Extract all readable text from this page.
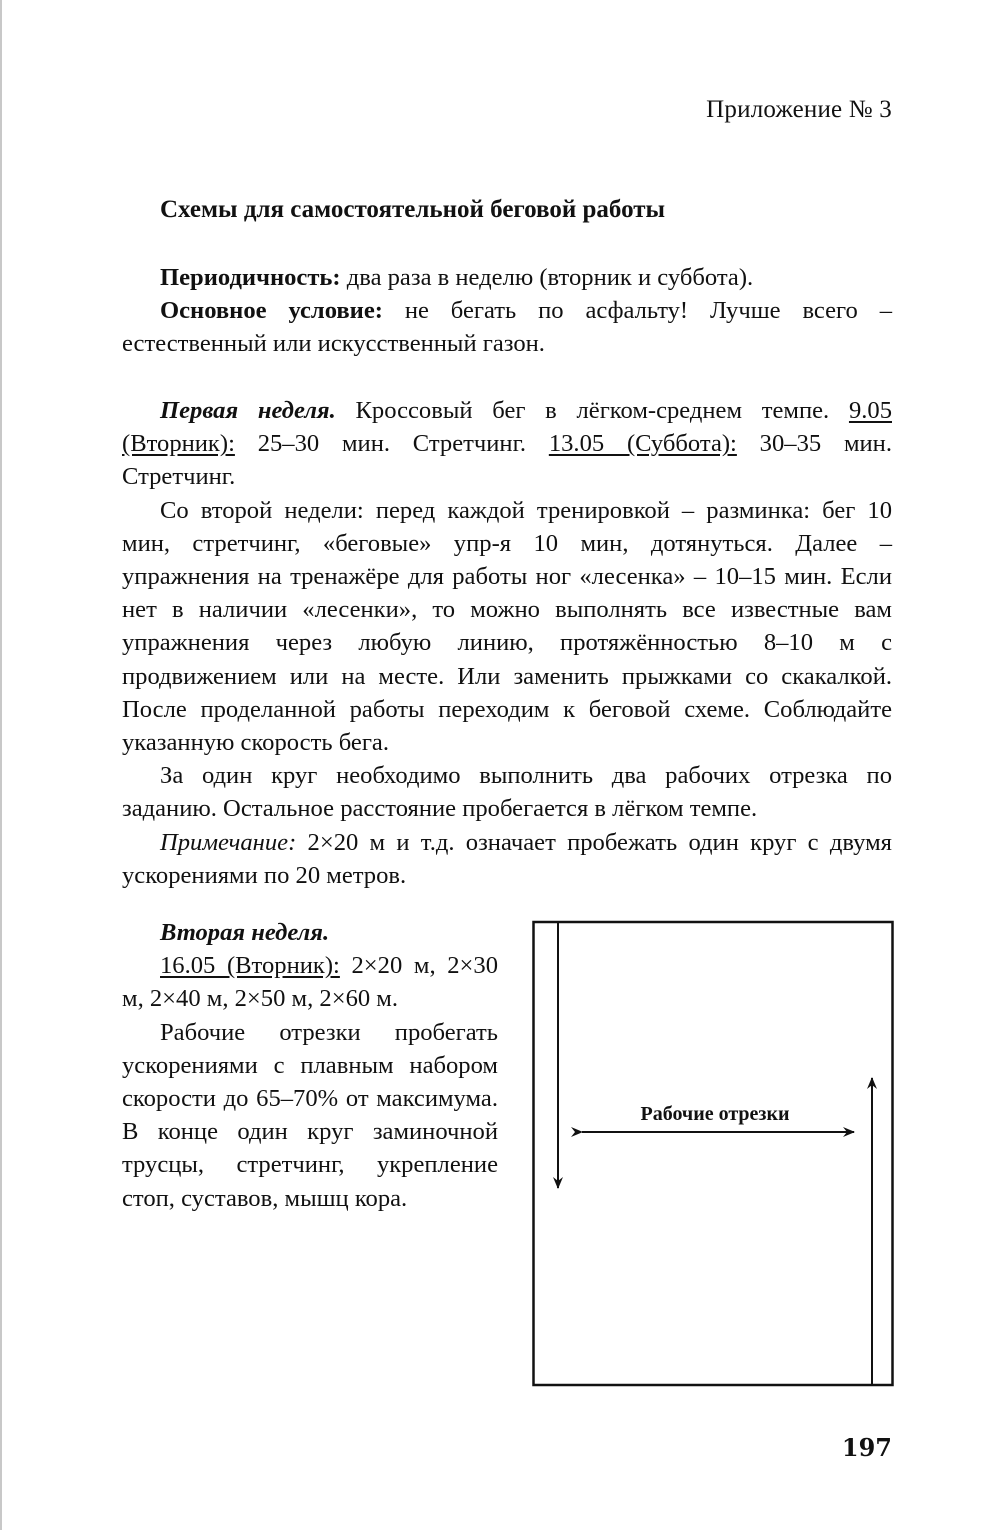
Приложение № 3
Схемы для самостоятельной беговой работы

Периодичность: два раза в неделю (вторник и суббота).

Основное условие: не бегать по асфальту! Лучше всего – естественный или искусственный газон.

Первая неделя. Кроссовый бег в лёгком-среднем темпе. 9.05 (Вторник): 25–30 мин. Стретчинг. 13.05 (Суббота): 30–35 мин. Стретчинг.

Со второй недели: перед каждой тренировкой – разминка: бег 10 мин, стретчинг, «беговые» упр-я 10 мин, дотянуться. Далее – упражнения на тренажёре для работы ног «лесенка» – 10–15 мин. Если нет в наличии «лесенки», то можно выполнять все известные вам упражнения через любую линию, протяжённостью 8–10 м с продвижением или на месте. Или заменить прыжками со скакалкой. После проделанной работы переходим к беговой схеме. Соблюдайте указанную скорость бега.

За один круг необходимо выполнить два рабочих отрезка по заданию. Остальное расстояние пробегается в лёгком темпе.

Примечание: 2×20 м и т.д. означает пробежать один круг с двумя ускорениями по 20 метров.

Вторая неделя.

16.05 (Вторник): 2×20 м, 2×30 м, 2×40 м, 2×50 м, 2×60 м.

Рабочие отрезки пробегать ускорениями с плавным набором скорости до 65–70% от максимума. В конце один круг заминочной трусцы, стретчинг, укрепление стоп, суставов, мышц кора.

Рабочие отрезки
197
